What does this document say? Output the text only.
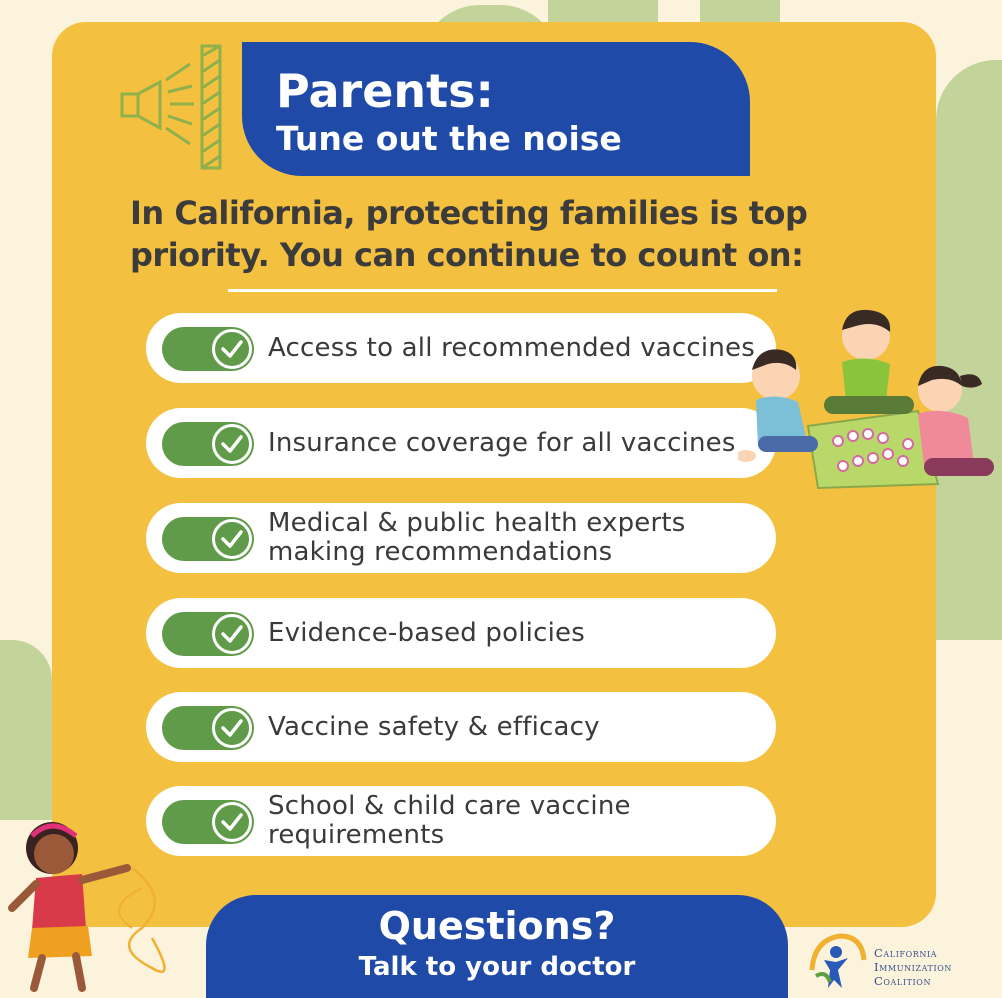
Parents:
Tune out the noise
In California, protecting families is top priority. You can continue to count on:
Access to all recommended vaccines
Insurance coverage for all vaccines
Medical & public health experts making recommendations
Evidence-based policies
Vaccine safety & efficacy
School & child care vaccine requirements
Questions?
Talk to your doctor	California
Immunization
Coalition
